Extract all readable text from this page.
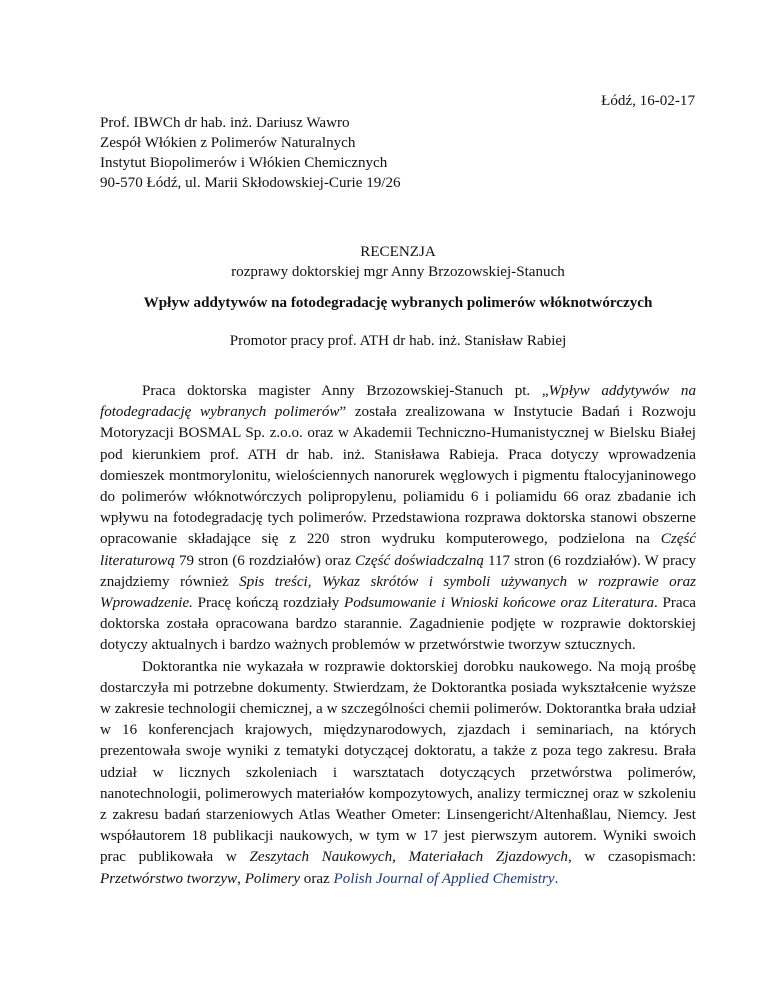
Łódź, 16-02-17
Prof. IBWCh dr hab. inż. Dariusz Wawro
Zespół Włókien z Polimerów Naturalnych
Instytut Biopolimerów i Włókien Chemicznych
90-570 Łódź, ul. Marii Skłodowskiej-Curie 19/26
RECENZJA
rozprawy doktorskiej mgr Anny Brzozowskiej-Stanuch
Wpływ addytywów na fotodegradację wybranych polimerów włóknotwórczych
Promotor pracy prof. ATH dr hab. inż. Stanisław Rabiej

Praca doktorska magister Anny Brzozowskiej-Stanuch pt. „Wpływ addytywów na fotodegradację wybranych polimerów” została zrealizowana w Instytucie Badań i Rozwoju Motoryzacji BOSMAL Sp. z.o.o. oraz w Akademii Techniczno-Humanistycznej w Bielsku Białej pod kierunkiem prof. ATH dr hab. inż. Stanisława Rabieja. Praca dotyczy wprowadzenia domieszek montmorylonitu, wielościennych nanorurek węglowych i pigmentu ftalocyjaninowego do polimerów włóknotwórczych polipropylenu, poliamidu 6 i poliamidu 66 oraz zbadanie ich wpływu na fotodegradację tych polimerów. Przedstawiona rozprawa doktorska stanowi obszerne opracowanie składające się z 220 stron wydruku komputerowego, podzielona na Część literaturową 79 stron (6 rozdziałów) oraz Część doświadczalną 117 stron (6 rozdziałów). W pracy znajdziemy również Spis treści, Wykaz skrótów i symboli używanych w rozprawie oraz Wprowadzenie. Pracę kończą rozdziały Podsumowanie i Wnioski końcowe oraz Literatura. Praca doktorska została opracowana bardzo starannie. Zagadnienie podjęte w rozprawie doktorskiej dotyczy aktualnych i bardzo ważnych problemów w przetwórstwie tworzyw sztucznych.

Doktorantka nie wykazała w rozprawie doktorskiej dorobku naukowego. Na moją prośbę dostarczyła mi potrzebne dokumenty. Stwierdzam, że Doktorantka posiada wykształcenie wyższe w zakresie technologii chemicznej, a w szczególności chemii polimerów. Doktorantka brała udział w 16 konferencjach krajowych, międzynarodowych, zjazdach i seminariach, na których prezentowała swoje wyniki z tematyki dotyczącej doktoratu, a także z poza tego zakresu. Brała udział w licznych szkoleniach i warsztatach dotyczących przetwórstwa polimerów, nanotechnologii, polimerowych materiałów kompozytowych, analizy termicznej oraz w szkoleniu z zakresu badań starzeniowych Atlas Weather Ometer: Linsengericht/Altenhaßlau, Niemcy. Jest współautorem 18 publikacji naukowych, w tym w 17 jest pierwszym autorem. Wyniki swoich prac publikowała w Zeszytach Naukowych, Materiałach Zjazdowych, w czasopismach: Przetwórstwo tworzyw, Polimery oraz Polish Journal of Applied Chemistry.
